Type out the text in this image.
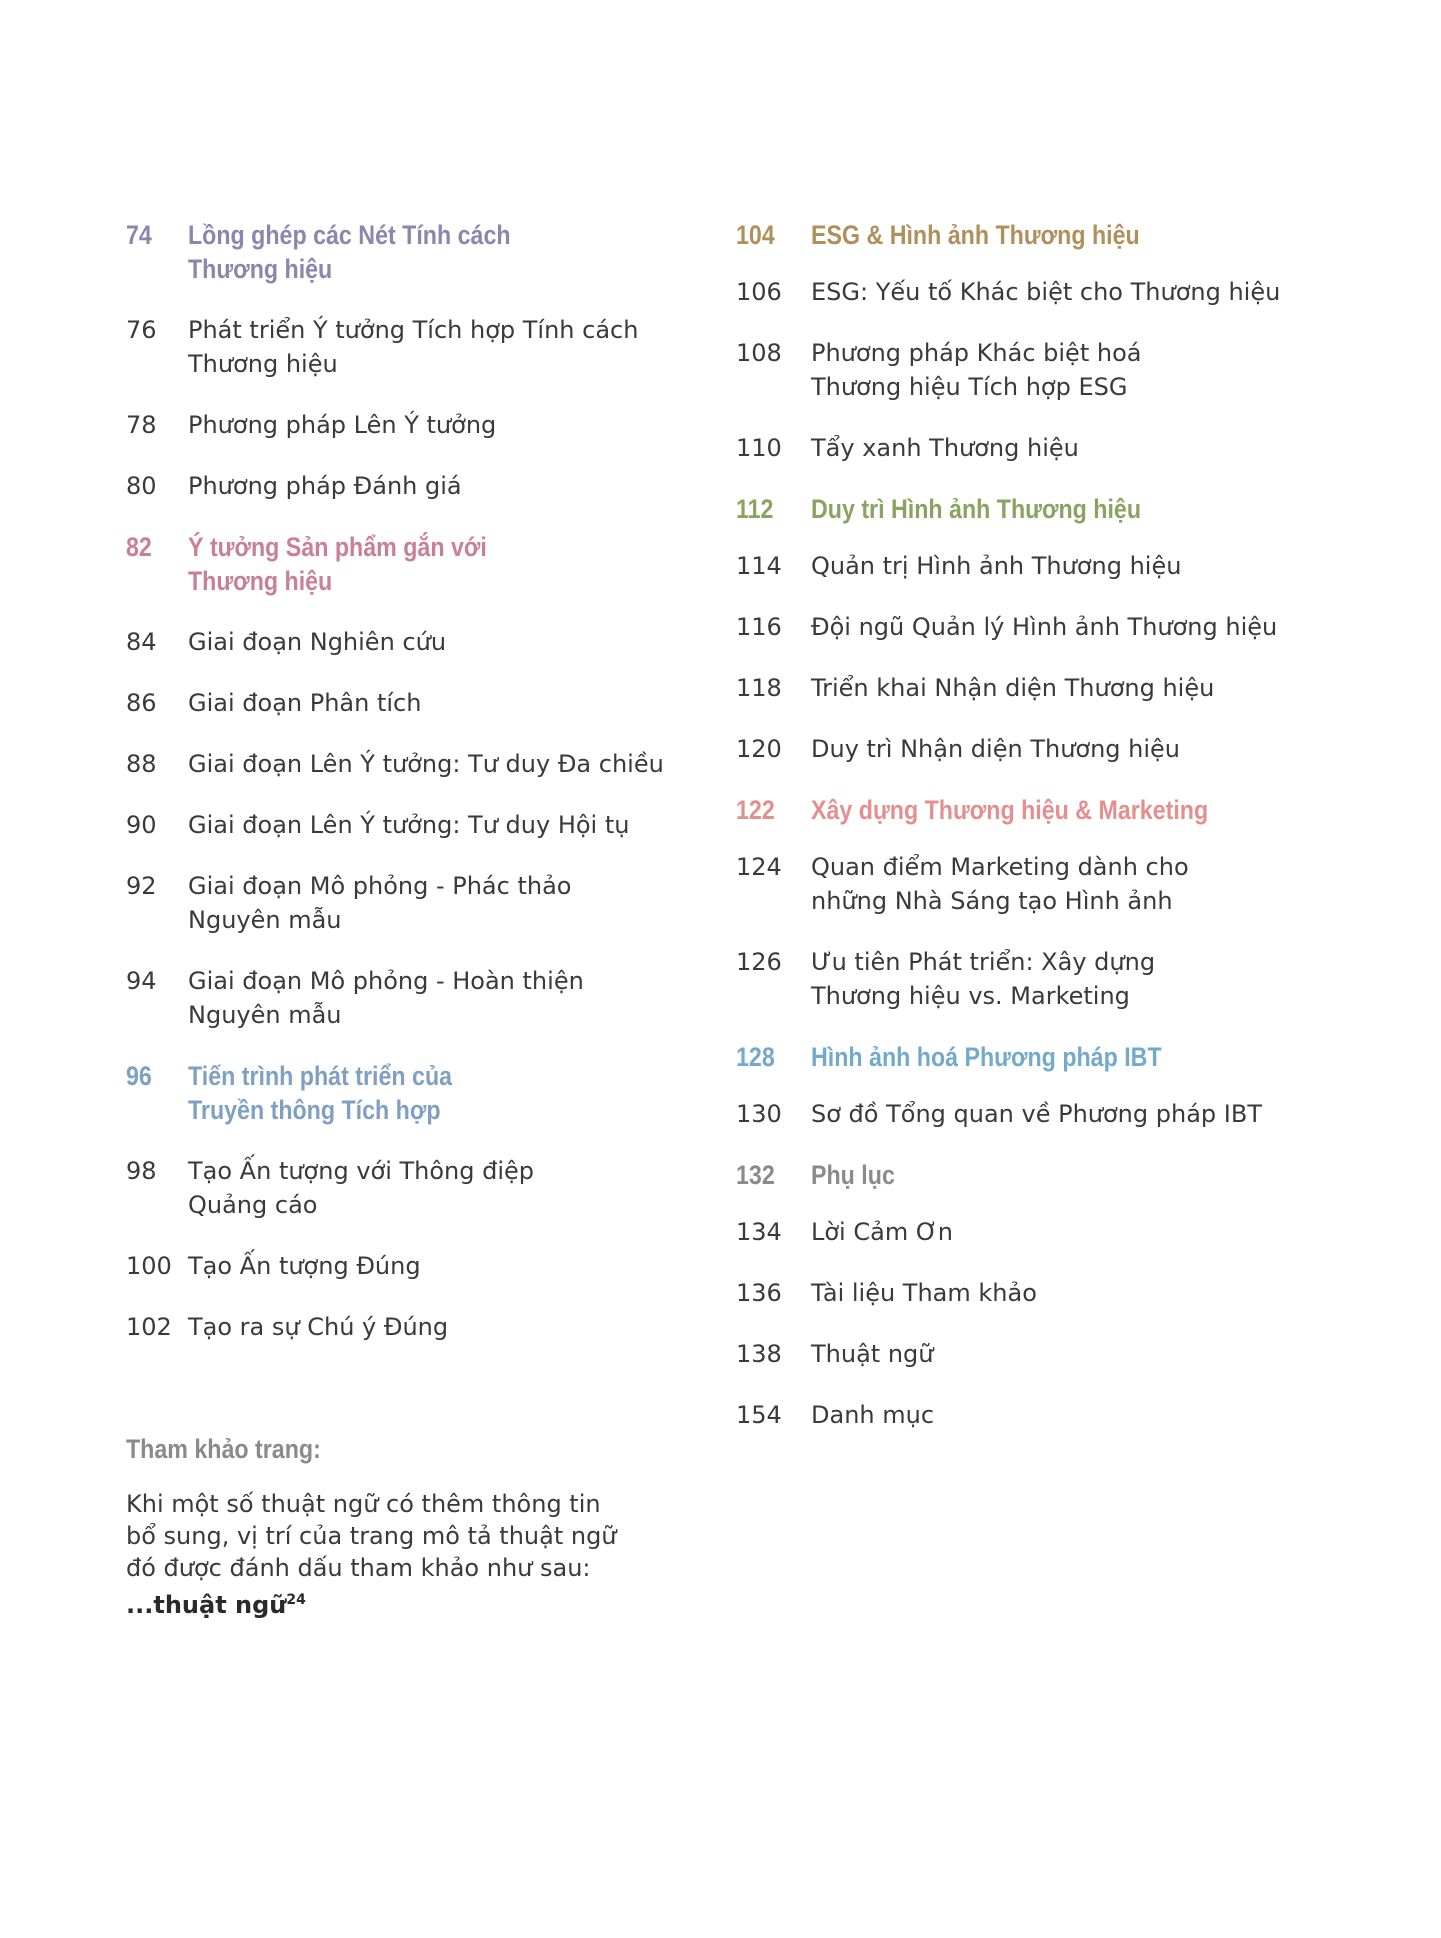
74	Lồng ghép các Nét Tính cách
Thương hiệu
76	Phát triển Ý tưởng Tích hợp Tính cách
Thương hiệu
78	Phương pháp Lên Ý tưởng
80	Phương pháp Đánh giá
82	Ý tưởng Sản phẩm gắn với
Thương hiệu
84	Giai đoạn Nghiên cứu
86	Giai đoạn Phân tích
88	Giai đoạn Lên Ý tưởng: Tư duy Đa chiều
90	Giai đoạn Lên Ý tưởng: Tư duy Hội tụ
92	Giai đoạn Mô phỏng - Phác thảo
Nguyên mẫu
94	Giai đoạn Mô phỏng - Hoàn thiện
Nguyên mẫu
96	Tiến trình phát triển của
Truyền thông Tích hợp
98	Tạo Ấn tượng với Thông điệp
Quảng cáo
100 Tạo Ấn tượng Đúng
102 Tạo ra sự Chú ý Đúng
104	ESG & Hình ảnh Thương hiệu
106	ESG: Yếu tố Khác biệt cho Thương hiệu
108	Phương pháp Khác biệt hoá
Thương hiệu Tích hợp ESG
110	Tẩy xanh Thương hiệu
112	Duy trì Hình ảnh Thương hiệu
114	Quản trị Hình ảnh Thương hiệu
116	Đội ngũ Quản lý Hình ảnh Thương hiệu
118	Triển khai Nhận diện Thương hiệu
120	Duy trì Nhận diện Thương hiệu
122	Xây dựng Thương hiệu & Marketing
124	Quan điểm Marketing dành cho
những Nhà Sáng tạo Hình ảnh
126	Ưu tiên Phát triển: Xây dựng
Thương hiệu vs. Marketing
128	Hình ảnh hoá Phương pháp IBT
130	Sơ đồ Tổng quan về Phương pháp IBT
132	Phụ lục
134	Lời Cảm Ơn
136	Tài liệu Tham khảo
138	Thuật ngữ
154	Danh mục
Tham khảo trang:
Khi một số thuật ngữ có thêm thông tin
bổ sung, vị trí của trang mô tả thuật ngữ
đó được đánh dấu tham khảo như sau:
...thuật ngữ$^{24}$
